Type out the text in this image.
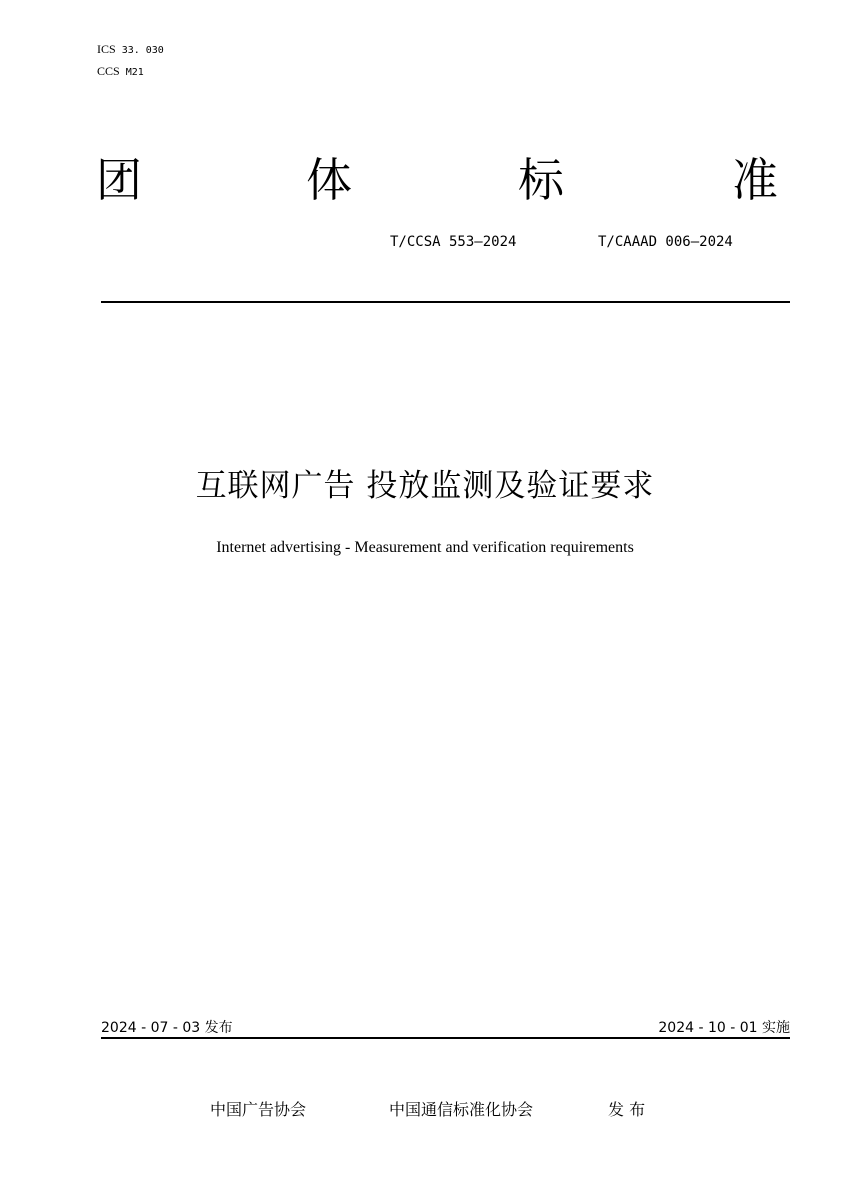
ICS 33. 030
CCS M21
团	体	标	准
T/CCSA 553—2024	T/CAAAD 006—2024
互联网广告 投放监测及验证要求
Internet advertising - Measurement and verification requirements
2024 - 07 - 03 发布	2024 - 10 - 01 实施
中国广告协会	中国通信标准化协会	发 布
